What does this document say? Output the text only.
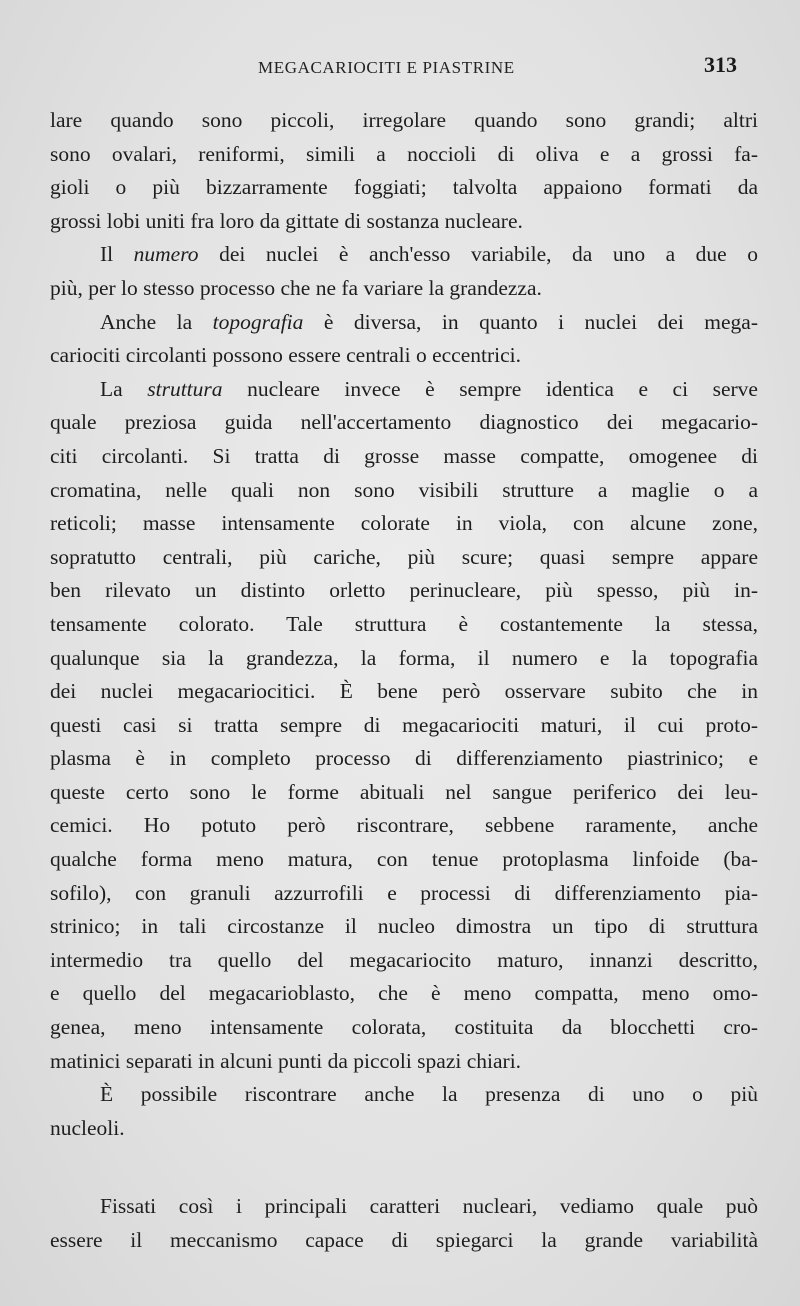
MEGACARIOCITI E PIASTRINE	313

lare quando sono piccoli, irregolare quando sono grandi; altri
sono ovalari, reniformi, simili a noccioli di oliva e a grossi fa-
gioli o più bizzarramente foggiati; talvolta appaiono formati da
grossi lobi uniti fra loro da gittate di sostanza nucleare.

Il numero dei nuclei è anch'esso variabile, da uno a due o
più, per lo stesso processo che ne fa variare la grandezza.

Anche la topografia è diversa, in quanto i nuclei dei mega-
cariociti circolanti possono essere centrali o eccentrici.

La struttura nucleare invece è sempre identica e ci serve
quale preziosa guida nell'accertamento diagnostico dei megacario-
citi circolanti. Si tratta di grosse masse compatte, omogenee di
cromatina, nelle quali non sono visibili strutture a maglie o a
reticoli; masse intensamente colorate in viola, con alcune zone,
sopratutto centrali, più cariche, più scure; quasi sempre appare
ben rilevato un distinto orletto perinucleare, più spesso, più in-
tensamente colorato. Tale struttura è costantemente la stessa,
qualunque sia la grandezza, la forma, il numero e la topografia
dei nuclei megacariocitici. È bene però osservare subito che in
questi casi si tratta sempre di megacariociti maturi, il cui proto-
plasma è in completo processo di differenziamento piastrinico; e
queste certo sono le forme abituali nel sangue periferico dei leu-
cemici. Ho potuto però riscontrare, sebbene raramente, anche
qualche forma meno matura, con tenue protoplasma linfoide (ba-
sofilo), con granuli azzurrofili e processi di differenziamento pia-
strinico; in tali circostanze il nucleo dimostra un tipo di struttura
intermedio tra quello del megacariocito maturo, innanzi descritto,
e quello del megacarioblasto, che è meno compatta, meno omo-
genea, meno intensamente colorata, costituita da blocchetti cro-
matinici separati in alcuni punti da piccoli spazi chiari.

È possibile riscontrare anche la presenza di uno o più
nucleoli.

Fissati così i principali caratteri nucleari, vediamo quale può
essere il meccanismo capace di spiegarci la grande variabilità
